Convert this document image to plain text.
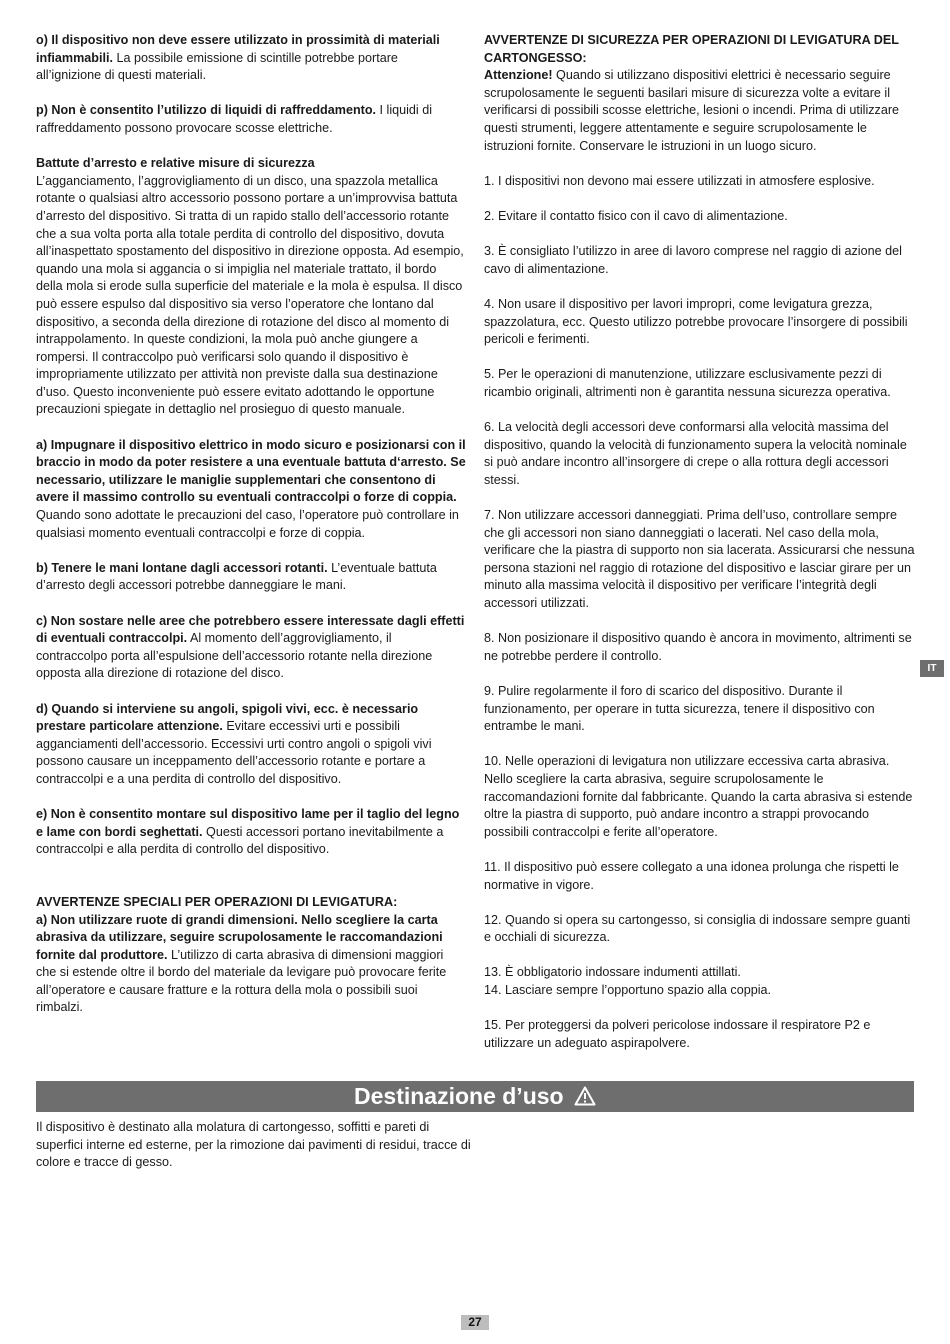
o) Il dispositivo non deve essere utilizzato in prossimità di materiali infiammabili. La possibile emissione di scintille potrebbe portare all’ignizione di questi materiali.

p) Non è consentito l’utilizzo di liquidi di raffreddamento. I liquidi di raffreddamento possono provocare scosse elettriche.

Battute d’arresto e relative misure di sicurezza
L’agganciamento, l’aggrovigliamento di un disco, una spazzola metallica rotante o qualsiasi altro accessorio possono portare a un’improvvisa battuta d’arresto del dispositivo. Si tratta di un rapido stallo dell’accessorio rotante che a sua volta porta alla totale perdita di controllo del dispositivo, dovuta all’inaspettato spostamento del dispositivo in direzione opposta. Ad esempio, quando una mola si aggancia o si impiglia nel materiale trattato, il bordo della mola si erode sulla superficie del materiale e la mola è espulsa. Il disco può essere espulso dal dispositivo sia verso l’operatore che lontano dal dispositivo, a seconda della direzione di rotazione del disco al momento di intrappolamento. In queste condizioni, la mola può anche giungere a rompersi. Il contraccolpo può verificarsi solo quando il dispositivo è impropriamente utilizzato per attività non previste dalla sua destinazione d’uso. Questo inconveniente può essere evitato adottando le opportune precauzioni spiegate in dettaglio nel prosieguo di questo manuale.

a) Impugnare il dispositivo elettrico in modo sicuro e posizionarsi con il braccio in modo da poter resistere a una eventuale battuta d‘arresto. Se necessario, utilizzare le maniglie supplementari che consentono di avere il massimo controllo su eventuali contraccolpi o forze di coppia. Quando sono adottate le precauzioni del caso, l’operatore può controllare in qualsiasi momento eventuali contraccolpi e forze di coppia.

b) Tenere le mani lontane dagli accessori rotanti. L’eventuale battuta d’arresto degli accessori potrebbe danneggiare le mani.

c) Non sostare nelle aree che potrebbero essere interessate dagli effetti di eventuali contraccolpi. Al momento dell’aggrovigliamento, il contraccolpo porta all’espulsione dell’accessorio rotante nella direzione opposta alla direzione di rotazione del disco.

d) Quando si interviene su angoli, spigoli vivi, ecc. è necessario prestare particolare attenzione. Evitare eccessivi urti e possibili agganciamenti dell’accessorio. Eccessivi urti contro angoli o spigoli vivi possono causare un inceppamento dell’accessorio rotante e portare a contraccolpi e a una perdita di controllo del dispositivo.

e) Non è consentito montare sul dispositivo lame per il taglio del legno e lame con bordi seghettati. Questi accessori portano inevitabilmente a contraccolpi e alla perdita di controllo del dispositivo.

AVVERTENZE SPECIALI PER OPERAZIONI DI LEVIGATURA:
a) Non utilizzare ruote di grandi dimensioni. Nello scegliere la carta abrasiva da utilizzare, seguire scrupolosamente le raccomandazioni fornite dal produttore. L’utilizzo di carta abrasiva di dimensioni maggiori che si estende oltre il bordo del materiale da levigare può provocare ferite all’operatore e causare fratture e la rottura della mola o possibili suoi rimbalzi.

AVVERTENZE DI SICUREZZA PER OPERAZIONI DI LEVIGATURA DEL CARTONGESSO:
Attenzione! Quando si utilizzano dispositivi elettrici è necessario seguire scrupolosamente le seguenti basilari misure di sicurezza volte a evitare il verificarsi di possibili scosse elettriche, lesioni o incendi. Prima di utilizzare questi strumenti, leggere attentamente e seguire scrupolosamente le istruzioni fornite. Conservare le istruzioni in un luogo sicuro.

1. I dispositivi non devono mai essere utilizzati in atmosfere esplosive.

2. Evitare il contatto fisico con il cavo di alimentazione.

3. È consigliato l’utilizzo in aree di lavoro comprese nel raggio di azione del cavo di alimentazione.

4. Non usare il dispositivo per lavori impropri, come levigatura grezza, spazzolatura, ecc. Questo utilizzo potrebbe provocare l’insorgere di possibili pericoli e ferimenti.

5. Per le operazioni di manutenzione, utilizzare esclusivamente pezzi di ricambio originali, altrimenti non è garantita nessuna sicurezza operativa.

6. La velocità degli accessori deve conformarsi alla velocità massima del dispositivo, quando la velocità di funzionamento supera la velocità nominale si può andare incontro all’insorgere di crepe o alla rottura degli accessori stessi.

7. Non utilizzare accessori danneggiati. Prima dell’uso, controllare sempre che gli accessori non siano danneggiati o lacerati. Nel caso della mola, verificare che la piastra di supporto non sia lacerata. Assicurarsi che nessuna persona stazioni nel raggio di rotazione del dispositivo e lasciar girare per un minuto alla massima velocità il dispositivo per verificare l’integrità degli accessori utilizzati.

8. Non posizionare il dispositivo quando è ancora in movimento, altrimenti se ne potrebbe perdere il controllo.

9. Pulire regolarmente il foro di scarico del dispositivo. Durante il funzionamento, per operare in tutta sicurezza, tenere il dispositivo con entrambe le mani.

10. Nelle operazioni di levigatura non utilizzare eccessiva carta abrasiva. Nello scegliere la carta abrasiva, seguire scrupolosamente le raccomandazioni fornite dal fabbricante. Quando la carta abrasiva si estende oltre la piastra di supporto, può andare incontro a strappi provocando possibili contraccolpi e ferite all’operatore.

11. Il dispositivo può essere collegato a una idonea prolunga che rispetti le normative in vigore.

12. Quando si opera su cartongesso, si consiglia di indossare sempre guanti e occhiali di sicurezza.

13. È obbligatorio indossare indumenti attillati.

14. Lasciare sempre l’opportuno spazio alla coppia.

15. Per proteggersi da polveri pericolose indossare il respiratore P2 e utilizzare un adeguato aspirapolvere.

Destinazione d’uso

Il dispositivo è destinato alla molatura di cartongesso, soffitti e pareti di superfici interne ed esterne, per la rimozione dai pavimenti di residui, tracce di colore e tracce di gesso.

IT
27
